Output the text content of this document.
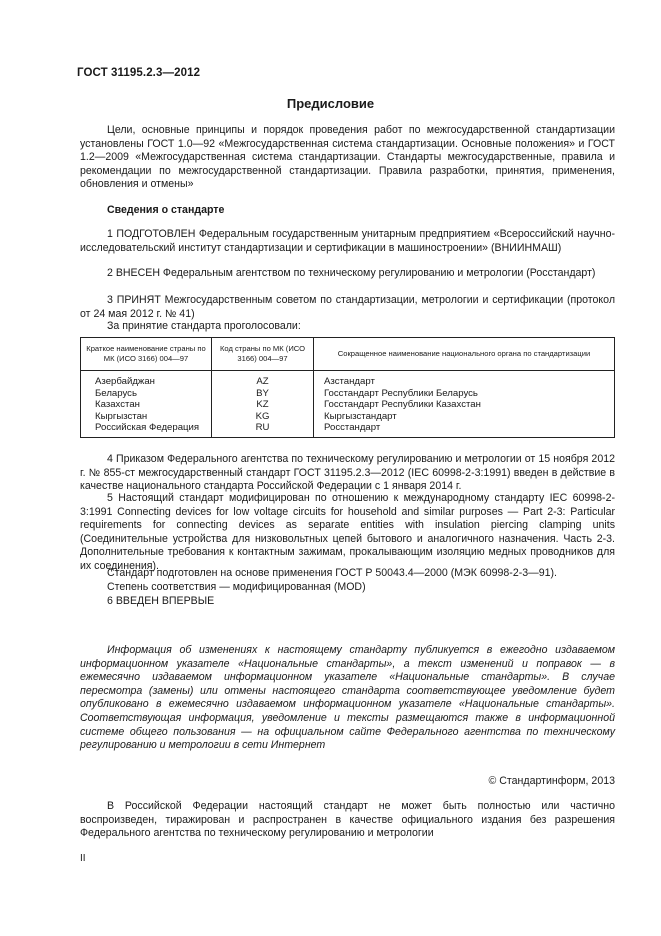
ГОСТ 31195.2.3—2012
Предисловие
Цели, основные принципы и порядок проведения работ по межгосударственной стандартизации установлены ГОСТ 1.0—92 «Межгосударственная система стандартизации. Основные положения» и ГОСТ 1.2—2009 «Межгосударственная система стандартизации. Стандарты межгосударственные, правила и рекомендации по межгосударственной стандартизации. Правила разработки, принятия, применения, обновления и отмены»
Сведения о стандарте
1 ПОДГОТОВЛЕН Федеральным государственным унитарным предприятием «Всероссийский научно-исследовательский институт стандартизации и сертификации в машиностроении» (ВНИИНМАШ)
2 ВНЕСЕН Федеральным агентством по техническому регулированию и метрологии (Росстандарт)
3 ПРИНЯТ Межгосударственным советом по стандартизации, метрологии и сертификации (протокол от 24 мая 2012 г. № 41)
За принятие стандарта проголосовали:
Краткое наименование страны по МК (ИСО 3166) 004—97	Код страны по МК (ИСО 3166) 004—97	Сокращенное наименование национального органа по стандартизации
Азербайджан	AZ	Азстандарт
Беларусь	BY	Госстандарт Республики Беларусь
Казахстан	KZ	Госстандарт Республики Казахстан
Кыргызстан	KG	Кыргызстандарт
Российская Федерация	RU	Росстандарт
4 Приказом Федерального агентства по техническому регулированию и метрологии от 15 ноября 2012 г. № 855-ст межгосударственный стандарт ГОСТ 31195.2.3—2012 (IEC 60998-2-3:1991) введен в действие в качестве национального стандарта Российской Федерации с 1 января 2014 г.
5 Настоящий стандарт модифицирован по отношению к международному стандарту IEC 60998-2-3:1991 Connecting devices for low voltage circuits for household and similar purposes — Part 2-3: Particular requirements for connecting devices as separate entities with insulation piercing clamping units (Соединительные устройства для низковольтных цепей бытового и аналогичного назначения. Часть 2-3. Дополнительные требования к контактным зажимам, прокалывающим изоляцию медных проводников для их соединения).
Стандарт подготовлен на основе применения ГОСТ Р 50043.4—2000 (МЭК 60998-2-3—91).
Степень соответствия — модифицированная (MOD)
6 ВВЕДЕН ВПЕРВЫЕ
Информация об изменениях к настоящему стандарту публикуется в ежегодно издаваемом информационном указателе «Национальные стандарты», а текст изменений и поправок — в ежемесячно издаваемом информационном указателе «Национальные стандарты». В случае пересмотра (замены) или отмены настоящего стандарта соответствующее уведомление будет опубликовано в ежемесячно издаваемом информационном указателе «Национальные стандарты». Соответствующая информация, уведомление и тексты размещаются также в информационной системе общего пользования — на официальном сайте Федерального агентства по техническому регулированию и метрологии в сети Интернет
© Стандартинформ, 2013
В Российской Федерации настоящий стандарт не может быть полностью или частично воспроизведен, тиражирован и распространен в качестве официального издания без разрешения Федерального агентства по техническому регулированию и метрологии
II
